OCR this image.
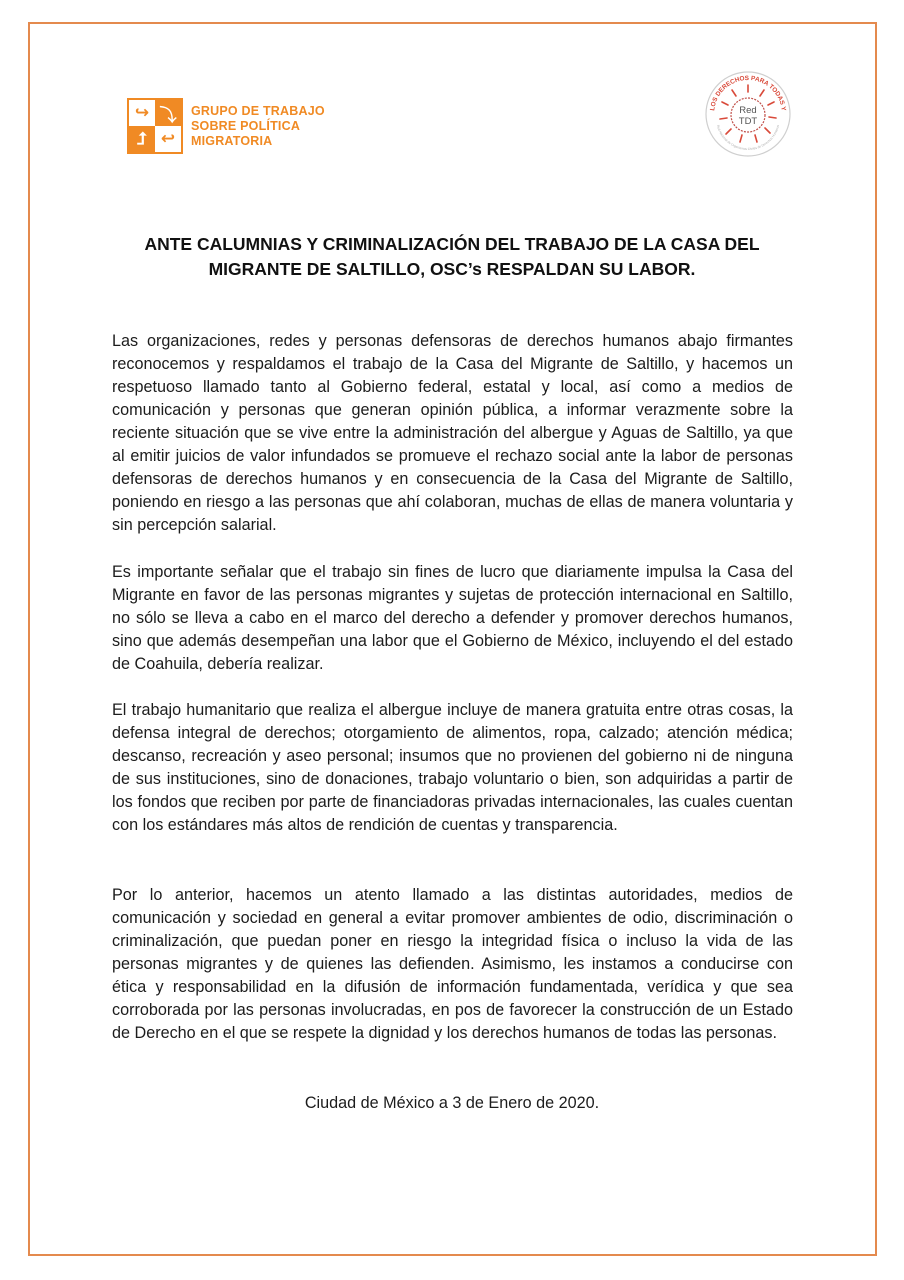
↪ ⤵
⮥ ↩
GRUPO DE TRABAJO
SOBRE POLÍTICA
MIGRATORIA
LOS DERECHOS PARA TODAS Y
Red Nacional de Organismos Civiles de Derechos Humanos
Red
TDT
ANTE CALUMNIAS Y CRIMINALIZACIÓN DEL TRABAJO DE LA CASA DEL
MIGRANTE DE SALTILLO, OSC’s RESPALDAN SU LABOR.

Las organizaciones, redes y personas defensoras de derechos humanos abajo firmantes reconocemos y respaldamos el trabajo de la Casa del Migrante de Saltillo, y hacemos un respetuoso llamado tanto al Gobierno federal, estatal y local, así como a medios de comunicación y personas que generan opinión pública, a informar verazmente sobre la reciente situación que se vive entre la administración del albergue y Aguas de Saltillo, ya que al emitir juicios de valor infundados se promueve el rechazo social ante la labor de personas defensoras de derechos humanos y en consecuencia de la Casa del Migrante de Saltillo, poniendo en riesgo a las personas que ahí colaboran, muchas de ellas de manera voluntaria y sin percepción salarial.

Es importante señalar que el trabajo sin fines de lucro que diariamente impulsa la Casa del Migrante en favor de las personas migrantes y sujetas de protección internacional en Saltillo, no sólo se lleva a cabo en el marco del derecho a defender y promover derechos humanos, sino que además desempeñan una labor que el Gobierno de México, incluyendo el del estado de Coahuila, debería realizar.

El trabajo humanitario que realiza el albergue incluye de manera gratuita entre otras cosas, la defensa integral de derechos; otorgamiento de alimentos, ropa, calzado; atención médica; descanso, recreación y aseo personal; insumos que no provienen del gobierno ni de ninguna de sus instituciones, sino de donaciones, trabajo voluntario o bien, son adquiridas a partir de los fondos que reciben por parte de financiadoras privadas internacionales, las cuales cuentan con los estándares más altos de rendición de cuentas y transparencia.

Por lo anterior, hacemos un atento llamado a las distintas autoridades, medios de comunicación y sociedad en general a evitar promover ambientes de odio, discriminación o criminalización, que puedan poner en riesgo la integridad física o incluso la vida de las personas migrantes y de quienes las defienden. Asimismo, les instamos a conducirse con ética y responsabilidad en la difusión de información fundamentada, verídica y que sea corroborada por las personas involucradas, en pos de favorecer la construcción de un Estado de Derecho en el que se respete la dignidad y los derechos humanos de todas las personas.

Ciudad de México a 3 de Enero de 2020.
